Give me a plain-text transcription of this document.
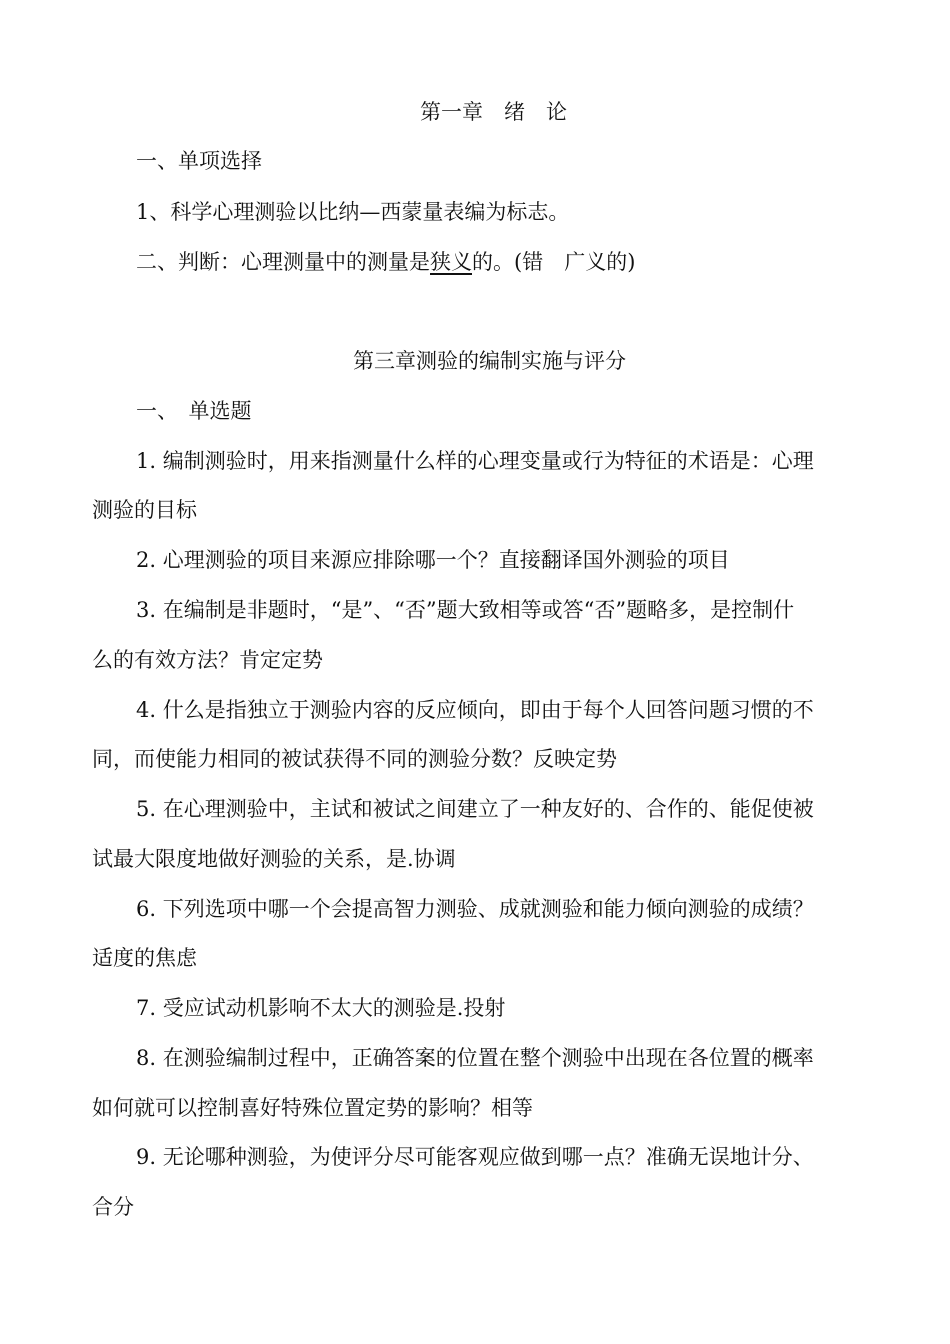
第一章　绪　论
一、单项选择
1、科学心理测验以比纳—西蒙量表编为标志。
二、判断：心理测量中的测量是狭义的。(错　广义的)
第三章测验的编制实施与评分
一、　单选题
1. 编制测验时，用来指测量什么样的心理变量或行为特征的术语是：心理
测验的目标
2. 心理测验的项目来源应排除哪一个？直接翻译国外测验的项目
3. 在编制是非题时，“是”、“否”题大致相等或答“否”题略多，是控制什
么的有效方法？肯定定势
4. 什么是指独立于测验内容的反应倾向，即由于每个人回答问题习惯的不
同，而使能力相同的被试获得不同的测验分数？反映定势
5. 在心理测验中，主试和被试之间建立了一种友好的、合作的、能促使被
试最大限度地做好测验的关系，是.协调
6. 下列选项中哪一个会提高智力测验、成就测验和能力倾向测验的成绩？
适度的焦虑
7. 受应试动机影响不太大的测验是.投射
8. 在测验编制过程中，正确答案的位置在整个测验中出现在各位置的概率
如何就可以控制喜好特殊位置定势的影响？相等
9. 无论哪种测验，为使评分尽可能客观应做到哪一点？准确无误地计分、
合分
